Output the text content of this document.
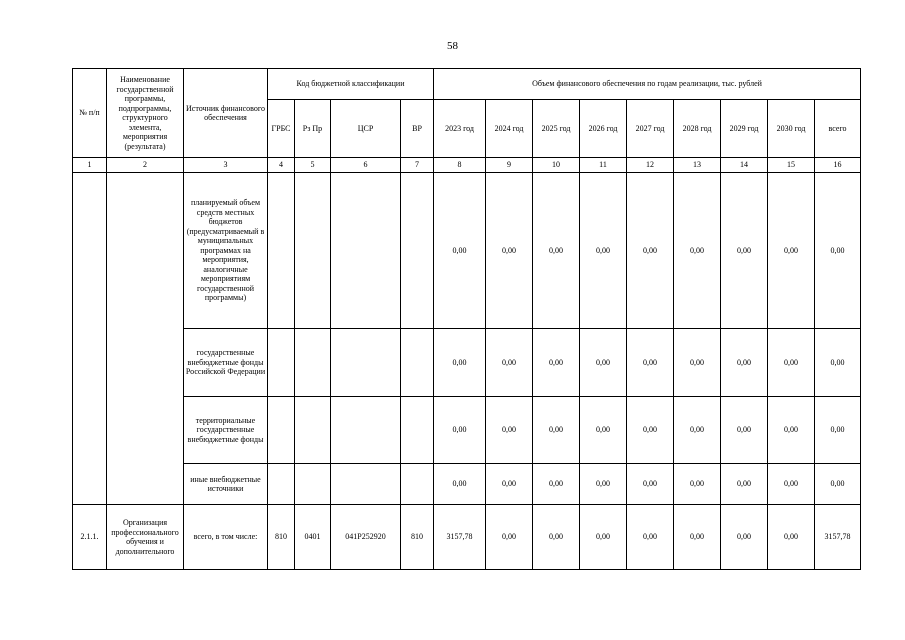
58
№ п/п	Наименование государственной программы, подпрограммы, структурного элемента, мероприятия (результата)	Источник финансового обеспечения	Код бюджетной классификации				Объем финансового обеспечения по годам реализации, тыс. рублей								
			ГРБС	Рз Пр	ЦСР	ВР	2023 год	2024 год	2025 год	2026 год	2027 год	2028 год	2029 год	2030 год	всего
1	2	3	4	5	6	7	8	9	10	11	12	13	14	15	16
		планируемый объем средств местных бюджетов (предусматриваемый в муниципальных программах на мероприятия, аналогичные мероприятиям государственной программы)					0,00	0,00	0,00	0,00	0,00	0,00	0,00	0,00	0,00
		государственные внебюджетные фонды Российской Федерации					0,00	0,00	0,00	0,00	0,00	0,00	0,00	0,00	0,00
		территориальные государственные внебюджетные фонды					0,00	0,00	0,00	0,00	0,00	0,00	0,00	0,00	0,00
		иные внебюджетные источники					0,00	0,00	0,00	0,00	0,00	0,00	0,00	0,00	0,00
2.1.1.	Организация профессионального обучения и дополнительного	всего, в том числе:	810	0401	041P252920	810	3157,78	0,00	0,00	0,00	0,00	0,00	0,00	0,00	3157,78
